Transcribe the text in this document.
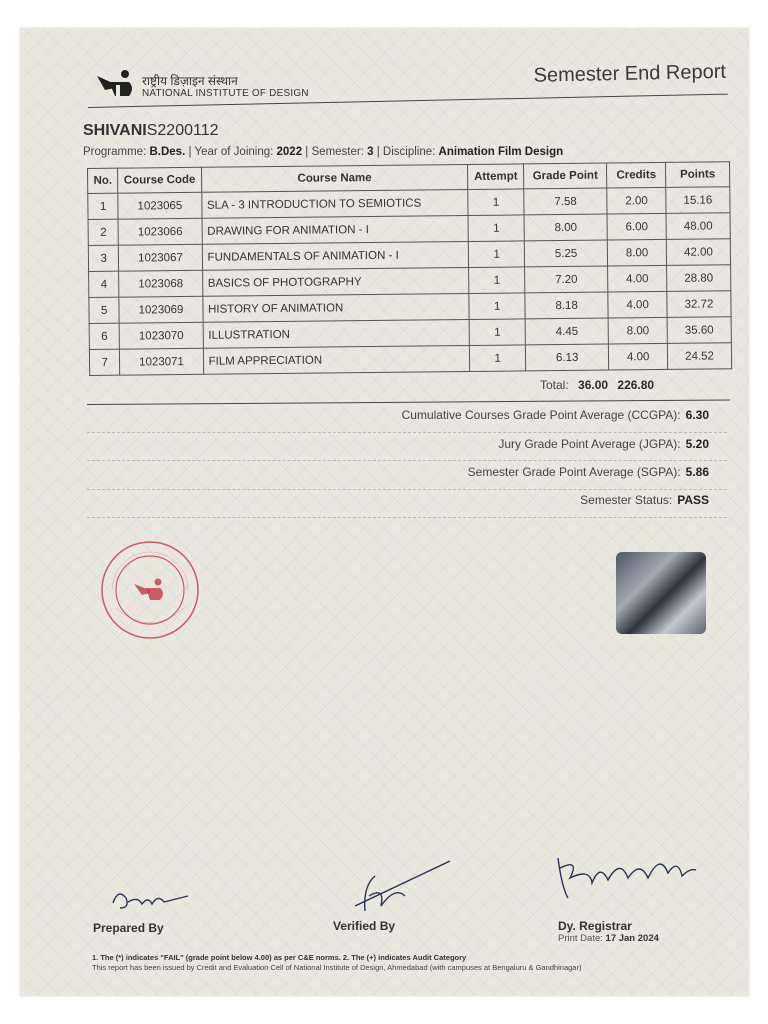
राष्ट्रीय डिज़ाइन संस्थान
NATIONAL INSTITUTE OF DESIGN
Semester End Report
SHIVANIS2200112
Programme: B.Des. | Year of Joining: 2022 | Semester: 3 | Discipline: Animation Film Design
No.	Course Code	Course Name	Attempt	Grade Point	Credits	Points
1	1023065	SLA - 3 INTRODUCTION TO SEMIOTICS	1	7.58	2.00	15.16
2	1023066	DRAWING FOR ANIMATION - I	1	8.00	6.00	48.00
3	1023067	FUNDAMENTALS OF ANIMATION - I	1	5.25	8.00	42.00
4	1023068	BASICS OF PHOTOGRAPHY	1	7.20	4.00	28.80
5	1023069	HISTORY OF ANIMATION	1	8.18	4.00	32.72
6	1023070	ILLUSTRATION	1	4.45	8.00	35.60
7	1023071	FILM APPRECIATION	1	6.13	4.00	24.52
Total: 36.00 226.80
Cumulative Courses Grade Point Average (CCGPA): 6.30
Jury Grade Point Average (JGPA): 5.20
Semester Grade Point Average (SGPA): 5.86
Semester Status: PASS
Prepared By	Verified By	Dy. Registrar
Print Date: 17 Jan 2024
1. The (*) indicates "FAIL" (grade point below 4.00) as per C&E norms. 2. The (+) indicates Audit Category
This report has been issued by Credit and Evaluation Cell of National Institute of Design, Ahmedabad (with campuses at Bengaluru & Gandhinagar)
